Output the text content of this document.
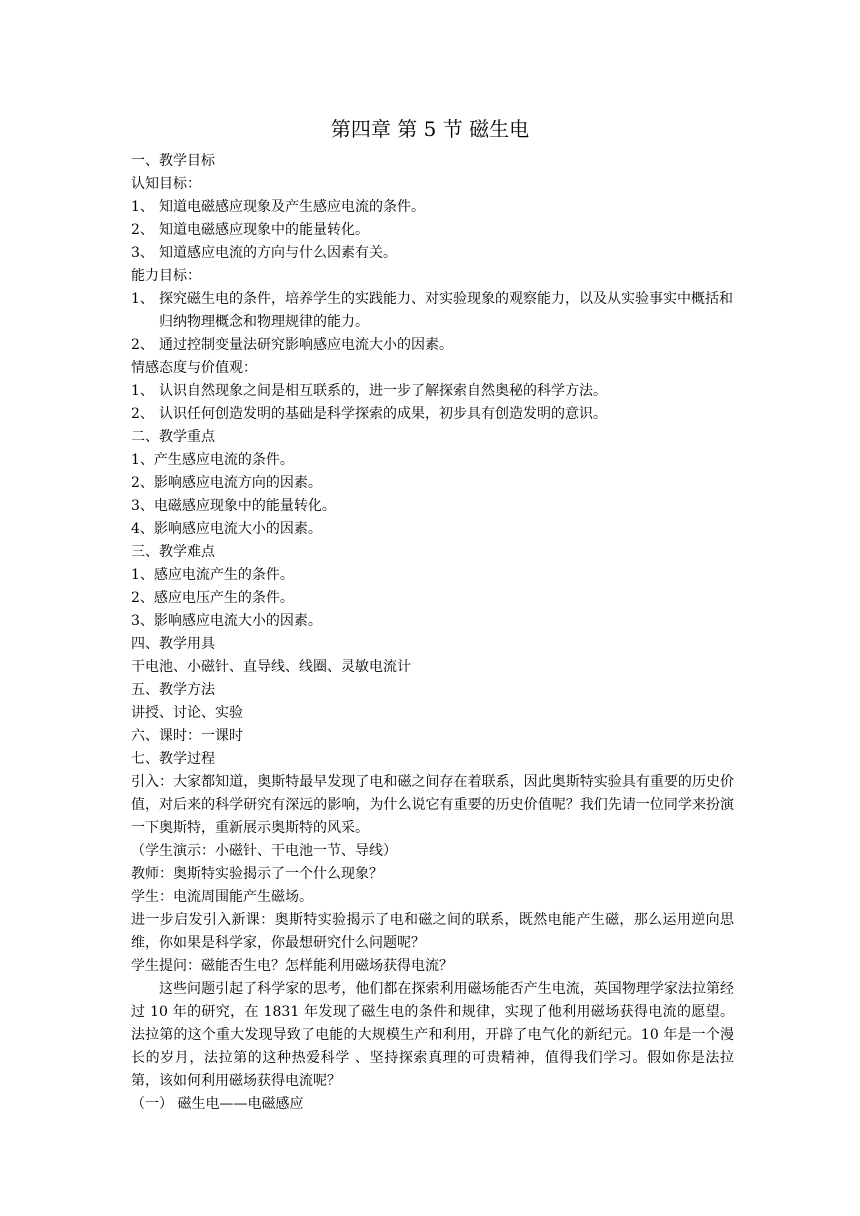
第四章 第 5 节 磁生电
一、教学目标
认知目标：
1、 知道电磁感应现象及产生感应电流的条件。
2、 知道电磁感应现象中的能量转化。
3、 知道感应电流的方向与什么因素有关。
能力目标：
1、 探究磁生电的条件，培养学生的实践能力、对实验现象的观察能力，以及从实验事实中概括和归纳物理概念和物理规律的能力。
2、 通过控制变量法研究影响感应电流大小的因素。
情感态度与价值观：
1、 认识自然现象之间是相互联系的，进一步了解探索自然奥秘的科学方法。
2、 认识任何创造发明的基础是科学探索的成果，初步具有创造发明的意识。
二、教学重点
1、产生感应电流的条件。
2、影响感应电流方向的因素。
3、电磁感应现象中的能量转化。
4、影响感应电流大小的因素。
三、教学难点
1、感应电流产生的条件。
2、感应电压产生的条件。
3、影响感应电流大小的因素。
四、教学用具
干电池、小磁针、直导线、线圈、灵敏电流计
五、教学方法
讲授、讨论、实验
六、课时：一课时
七、教学过程
引入：大家都知道，奥斯特最早发现了电和磁之间存在着联系，因此奥斯特实验具有重要的历史价值，对后来的科学研究有深远的影响，为什么说它有重要的历史价值呢？我们先请一位同学来扮演一下奥斯特，重新展示奥斯特的风采。
（学生演示：小磁针、干电池一节、导线）
教师：奥斯特实验揭示了一个什么现象？
学生：电流周围能产生磁场。
进一步启发引入新课：奥斯特实验揭示了电和磁之间的联系，既然电能产生磁，那么运用逆向思维，你如果是科学家，你最想研究什么问题呢？
学生提问：磁能否生电？怎样能利用磁场获得电流？
这些问题引起了科学家的思考，他们都在探索利用磁场能否产生电流，英国物理学家法拉第经过 10 年的研究，在 1831 年发现了磁生电的条件和规律，实现了他利用磁场获得电流的愿望。法拉第的这个重大发现导致了电能的大规模生产和利用，开辟了电气化的新纪元。10 年是一个漫长的岁月，法拉第的这种热爱科学 、坚持探索真理的可贵精神，值得我们学习。假如你是法拉第，该如何利用磁场获得电流呢？
（一） 磁生电——电磁感应
